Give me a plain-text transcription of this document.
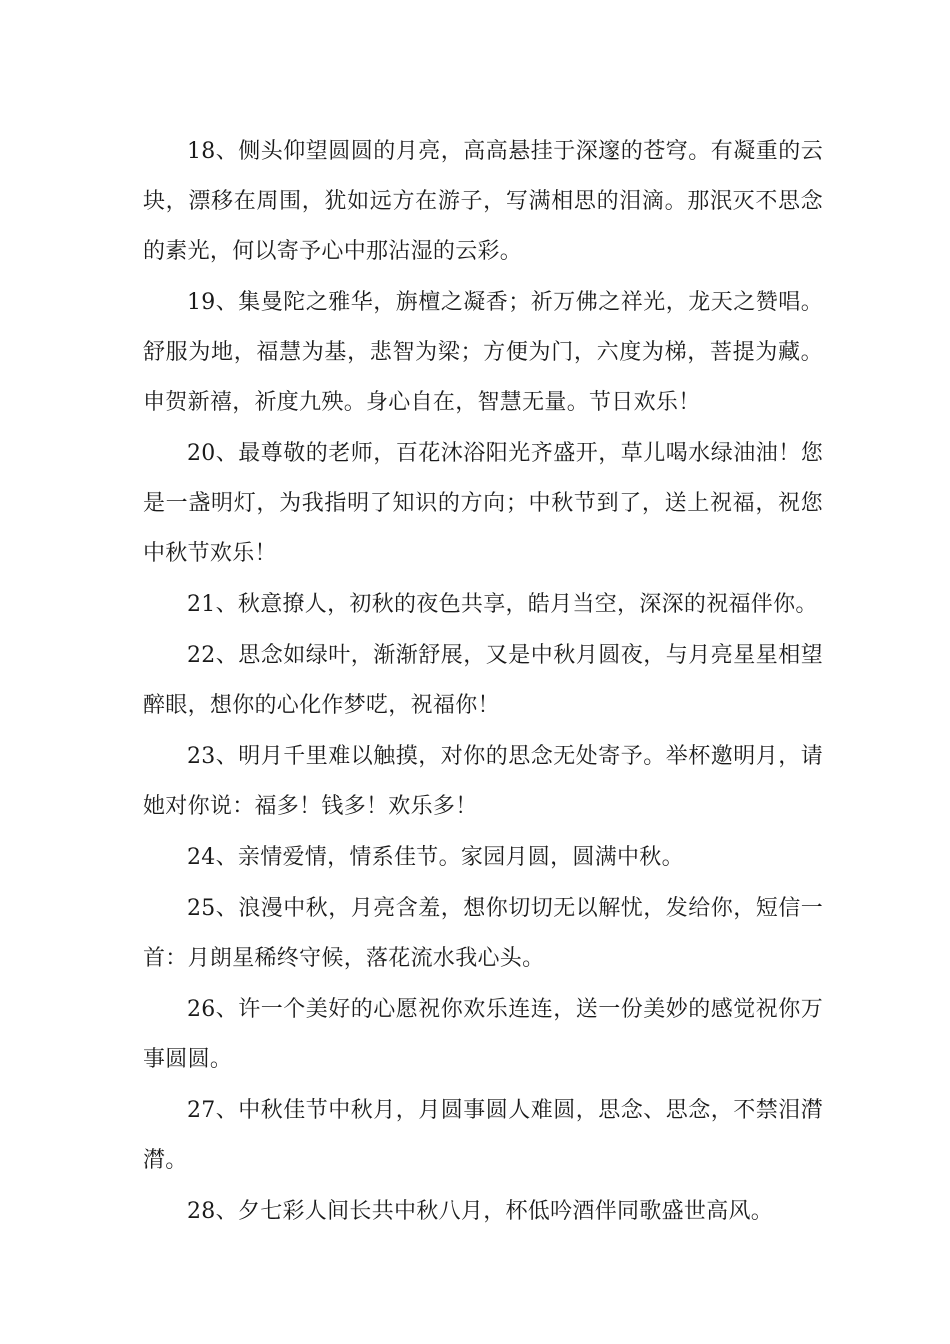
18、侧头仰望圆圆的月亮，高高悬挂于深邃的苍穹。有凝重的云块，漂移在周围，犹如远方在游子，写满相思的泪滴。那泯灭不思念的素光，何以寄予心中那沾湿的云彩。

19、集曼陀之雅华，旃檀之凝香；祈万佛之祥光，龙天之赞唱。舒服为地，福慧为基，悲智为梁；方便为门，六度为梯，菩提为藏。申贺新禧，祈度九殃。身心自在，智慧无量。节日欢乐！

20、最尊敬的老师，百花沐浴阳光齐盛开，草儿喝水绿油油！您是一盏明灯，为我指明了知识的方向；中秋节到了，送上祝福，祝您中秋节欢乐！

21、秋意撩人，初秋的夜色共享，皓月当空，深深的祝福伴你。

22、思念如绿叶，渐渐舒展，又是中秋月圆夜，与月亮星星相望醉眼，想你的心化作梦呓，祝福你！

23、明月千里难以触摸，对你的思念无处寄予。举杯邀明月，请她对你说：福多！钱多！欢乐多！

24、亲情爱情，情系佳节。家园月圆，圆满中秋。

25、浪漫中秋，月亮含羞，想你切切无以解忧，发给你，短信一首：月朗星稀终守候，落花流水我心头。

26、许一个美好的心愿祝你欢乐连连，送一份美妙的感觉祝你万事圆圆。

27、中秋佳节中秋月，月圆事圆人难圆，思念、思念，不禁泪潸潸。

28、夕七彩人间长共中秋八月，杯低吟酒伴同歌盛世高风。
